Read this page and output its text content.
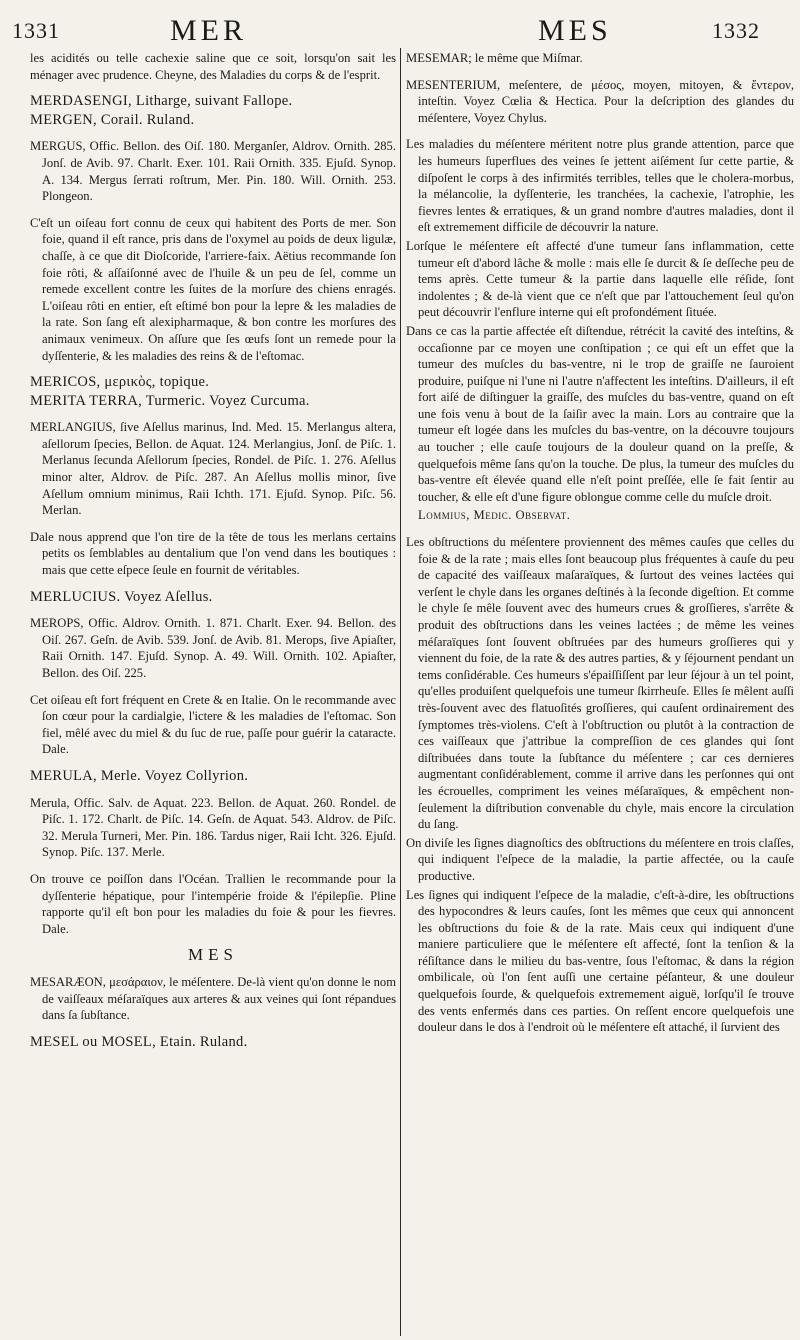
1331	MER	MES	1332

les acidités ou telle cachexie saline que ce soit, lorsqu'on sait les ménager avec prudence. Cheyne, des Maladies du corps & de l'esprit.

MERDASENGI, Litharge, suivant Fallope.

MERGEN, Corail. Ruland.

MERGUS, Offic. Bellon. des Oiſ. 180. Merganſer, Aldrov. Ornith. 285. Jonſ. de Avib. 97. Charlt. Exer. 101. Raii Ornith. 335. Ejuſd. Synop. A. 134. Mergus ſerrati roſtrum, Mer. Pin. 180. Will. Ornith. 253. Plongeon.

C'eſt un oiſeau fort connu de ceux qui habitent des Ports de mer. Son foie, quand il eſt rance, pris dans de l'oxymel au poids de deux ligulæ, chaſſe, à ce que dit Dioſcoride, l'arriere-faix. Aëtius recommande ſon foie rôti, & aſſaiſonné avec de l'huile & un peu de ſel, comme un remede excellent contre les ſuites de la morſure des chiens enragés. L'oiſeau rôti en entier, eſt eſtimé bon pour la lepre & les maladies de la rate. Son ſang eſt alexipharmaque, & bon contre les morſures des animaux venimeux. On aſſure que ſes œufs ſont un remede pour la dyſſenterie, & les maladies des reins & de l'eſtomac.

MERICOS, μερικὸς, topique.

MERITA TERRA, Turmeric. Voyez Curcuma.

MERLANGIUS, ſive Aſellus marinus, Ind. Med. 15. Merlangus altera, aſellorum ſpecies, Bellon. de Aquat. 124. Merlangius, Jonſ. de Piſc. 1. Merlanus ſecunda Aſellorum ſpecies, Rondel. de Piſc. 1. 276. Aſellus minor alter, Aldrov. de Piſc. 287. An Aſellus mollis minor, ſive Aſellum omnium minimus, Raii Ichth. 171. Ejuſd. Synop. Piſc. 56. Merlan.

Dale nous apprend que l'on tire de la tête de tous les merlans certains petits os ſemblables au dentalium que l'on vend dans les boutiques : mais que cette eſpece ſeule en fournit de véritables.

MERLUCIUS. Voyez Aſellus.

MEROPS, Offic. Aldrov. Ornith. 1. 871. Charlt. Exer. 94. Bellon. des Oiſ. 267. Geſn. de Avib. 539. Jonſ. de Avib. 81. Merops, ſive Apiaſter, Raii Ornith. 147. Ejuſd. Synop. A. 49. Will. Ornith. 102. Apiaſter, Bellon. des Oiſ. 225.

Cet oiſeau eſt fort fréquent en Crete & en Italie. On le recommande avec ſon cœur pour la cardialgie, l'ictere & les maladies de l'eſtomac. Son fiel, mêlé avec du miel & du ſuc de rue, paſſe pour guérir la cataracte. Dale.

MERULA, Merle. Voyez Collyrion.

Merula, Offic. Salv. de Aquat. 223. Bellon. de Aquat. 260. Rondel. de Piſc. 1. 172. Charlt. de Piſc. 14. Geſn. de Aquat. 543. Aldrov. de Piſc. 32. Merula Turneri, Mer. Pin. 186. Tardus niger, Raii Icht. 326. Ejuſd. Synop. Piſc. 137. Merle.

On trouve ce poiſſon dans l'Océan. Trallien le recommande pour la dyſſenterie hépatique, pour l'intempérie froide & l'épilepſie. Pline rapporte qu'il eſt bon pour les maladies du foie & pour les fievres. Dale.

MES

MESARÆON, μεσάραιον, le méſentere. De-là vient qu'on donne le nom de vaiſſeaux méſaraïques aux arteres & aux veines qui ſont répandues dans ſa ſubſtance.

MESEL ou MOSEL, Etain. Ruland.

MESEMAR; le même que Miſmar.

MESENTERIUM, meſentere, de μέσος, moyen, mitoyen, & ἔντερον, inteſtin. Voyez Cœlia & Hectica. Pour la deſcription des glandes du méſentere, Voyez Chylus.

Les maladies du méſentere méritent notre plus grande attention, parce que les humeurs ſuperflues des veines ſe jettent aiſément ſur cette partie, & diſpoſent le corps à des infirmités terribles, telles que le cholera-morbus, la mélancolie, la dyſſenterie, les tranchées, la cachexie, l'atrophie, les fievres lentes & erratiques, & un grand nombre d'autres maladies, dont il eſt extremement difficile de découvrir la nature.

Lorſque le méſentere eſt affecté d'une tumeur ſans inflammation, cette tumeur eſt d'abord lâche & molle : mais elle ſe durcit & ſe deſſeche peu de tems après. Cette tumeur & la partie dans laquelle elle réſide, ſont indolentes ; & de-là vient que ce n'eſt que par l'attouchement ſeul qu'on peut découvrir l'enflure interne qui eſt profondément ſituée.

Dans ce cas la partie affectée eſt diſtendue, rétrécit la cavité des inteſtins, & occaſionne par ce moyen une conſtipation ; ce qui eſt un effet que la tumeur des muſcles du bas-ventre, ni le trop de graiſſe ne ſauroient produire, puiſque ni l'une ni l'autre n'affectent les inteſtins. D'ailleurs, il eſt fort aiſé de diſtinguer la graiſſe, des muſcles du bas-ventre, quand on eſt une fois venu à bout de la ſaiſir avec la main. Lors au contraire que la tumeur eſt logée dans les muſcles du bas-ventre, on la découvre toujours au toucher ; elle cauſe toujours de la douleur quand on la preſſe, & quelquefois même ſans qu'on la touche. De plus, la tumeur des muſcles du bas-ventre eſt élevée quand elle n'eſt point preſſée, elle ſe fait ſentir au toucher, & elle eſt d'une figure oblongue comme celle du muſcle droit.

Lommius, Medic. Obſervat.

Les obſtructions du méſentere proviennent des mêmes cauſes que celles du foie & de la rate ; mais elles ſont beaucoup plus fréquentes à cauſe du peu de capacité des vaiſſeaux maſaraïques, & ſurtout des veines lactées qui verſent le chyle dans les organes deſtinés à la ſeconde digeſtion. Et comme le chyle ſe mêle ſouvent avec des humeurs crues & groſſieres, s'arrête & produit des obſtructions dans les veines lactées ; de même les veines méſaraïques ſont ſouvent obſtruées par des humeurs groſſieres qui y viennent du foie, de la rate & des autres parties, & y ſéjournent pendant un tems conſidérable. Ces humeurs s'épaiſſiſſent par leur ſéjour à un tel point, qu'elles produiſent quelquefois une tumeur ſkirrheuſe. Elles ſe mêlent auſſi très-ſouvent avec des flatuoſités groſſieres, qui cauſent ordinairement des ſymptomes très-violens. C'eſt à l'obſtruction ou plutôt à la contraction de ces vaiſſeaux que j'attribue la compreſſion de ces glandes qui ſont diſtribuées dans toute la ſubſtance du méſentere ; car ces dernieres augmentant conſidérablement, comme il arrive dans les perſonnes qui ont les écrouelles, compriment les veines méſaraïques, & empêchent non-ſeulement la diſtribution convenable du chyle, mais encore la circulation du ſang.

On diviſe les ſignes diagnoſtics des obſtructions du méſentere en trois claſſes, qui indiquent l'eſpece de la maladie, la partie affectée, ou la cauſe productive.

Les ſignes qui indiquent l'eſpece de la maladie, c'eſt-à-dire, les obſtructions des hypocondres & leurs cauſes, ſont les mêmes que ceux qui annoncent les obſtructions du foie & de la rate. Mais ceux qui indiquent d'une maniere particuliere que le méſentere eſt affecté, ſont la tenſion & la réſiſtance dans le milieu du bas-ventre, ſous l'eſtomac, & dans la région ombilicale, où l'on ſent auſſi une certaine péſanteur, & une douleur quelquefois ſourde, & quelquefois extremement aiguë, lorſqu'il ſe trouve des vents enfermés dans ces parties. On reſſent encore quelquefois une douleur dans le dos à l'endroit où le méſentere eſt attaché, il ſurvient des
